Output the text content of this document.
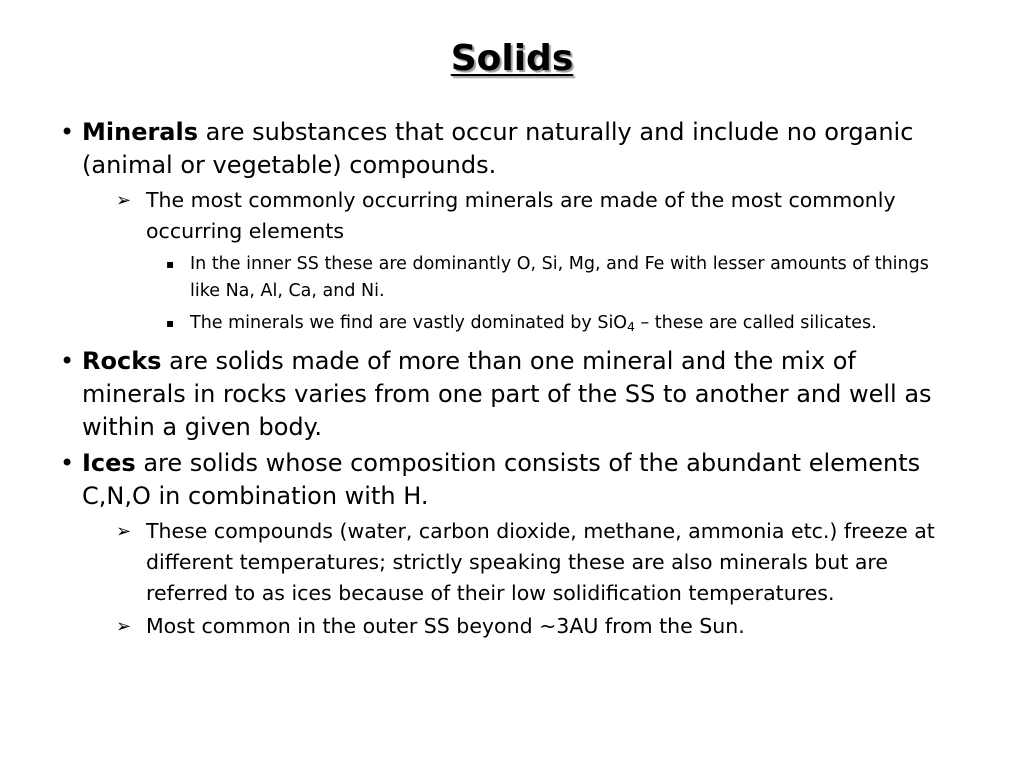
Solids
• Minerals are substances that occur naturally and include no organic (animal or vegetable) compounds.
➢ The most commonly occurring minerals are made of the most commonly occurring elements
▪ In the inner SS these are dominantly O, Si, Mg, and Fe with lesser amounts of things like Na, Al, Ca, and Ni.
▪ The minerals we find are vastly dominated by SiO$_4$ – these are called silicates.
• Rocks are solids made of more than one mineral and the mix of minerals in rocks varies from one part of the SS to another and well as within a given body.
• Ices are solids whose composition consists of the abundant elements C,N,O in combination with H.
➢ These compounds (water, carbon dioxide, methane, ammonia etc.) freeze at different temperatures; strictly speaking these are also minerals but are referred to as ices because of their low solidification temperatures.
➢ Most common in the outer SS beyond ~3AU from the Sun.
